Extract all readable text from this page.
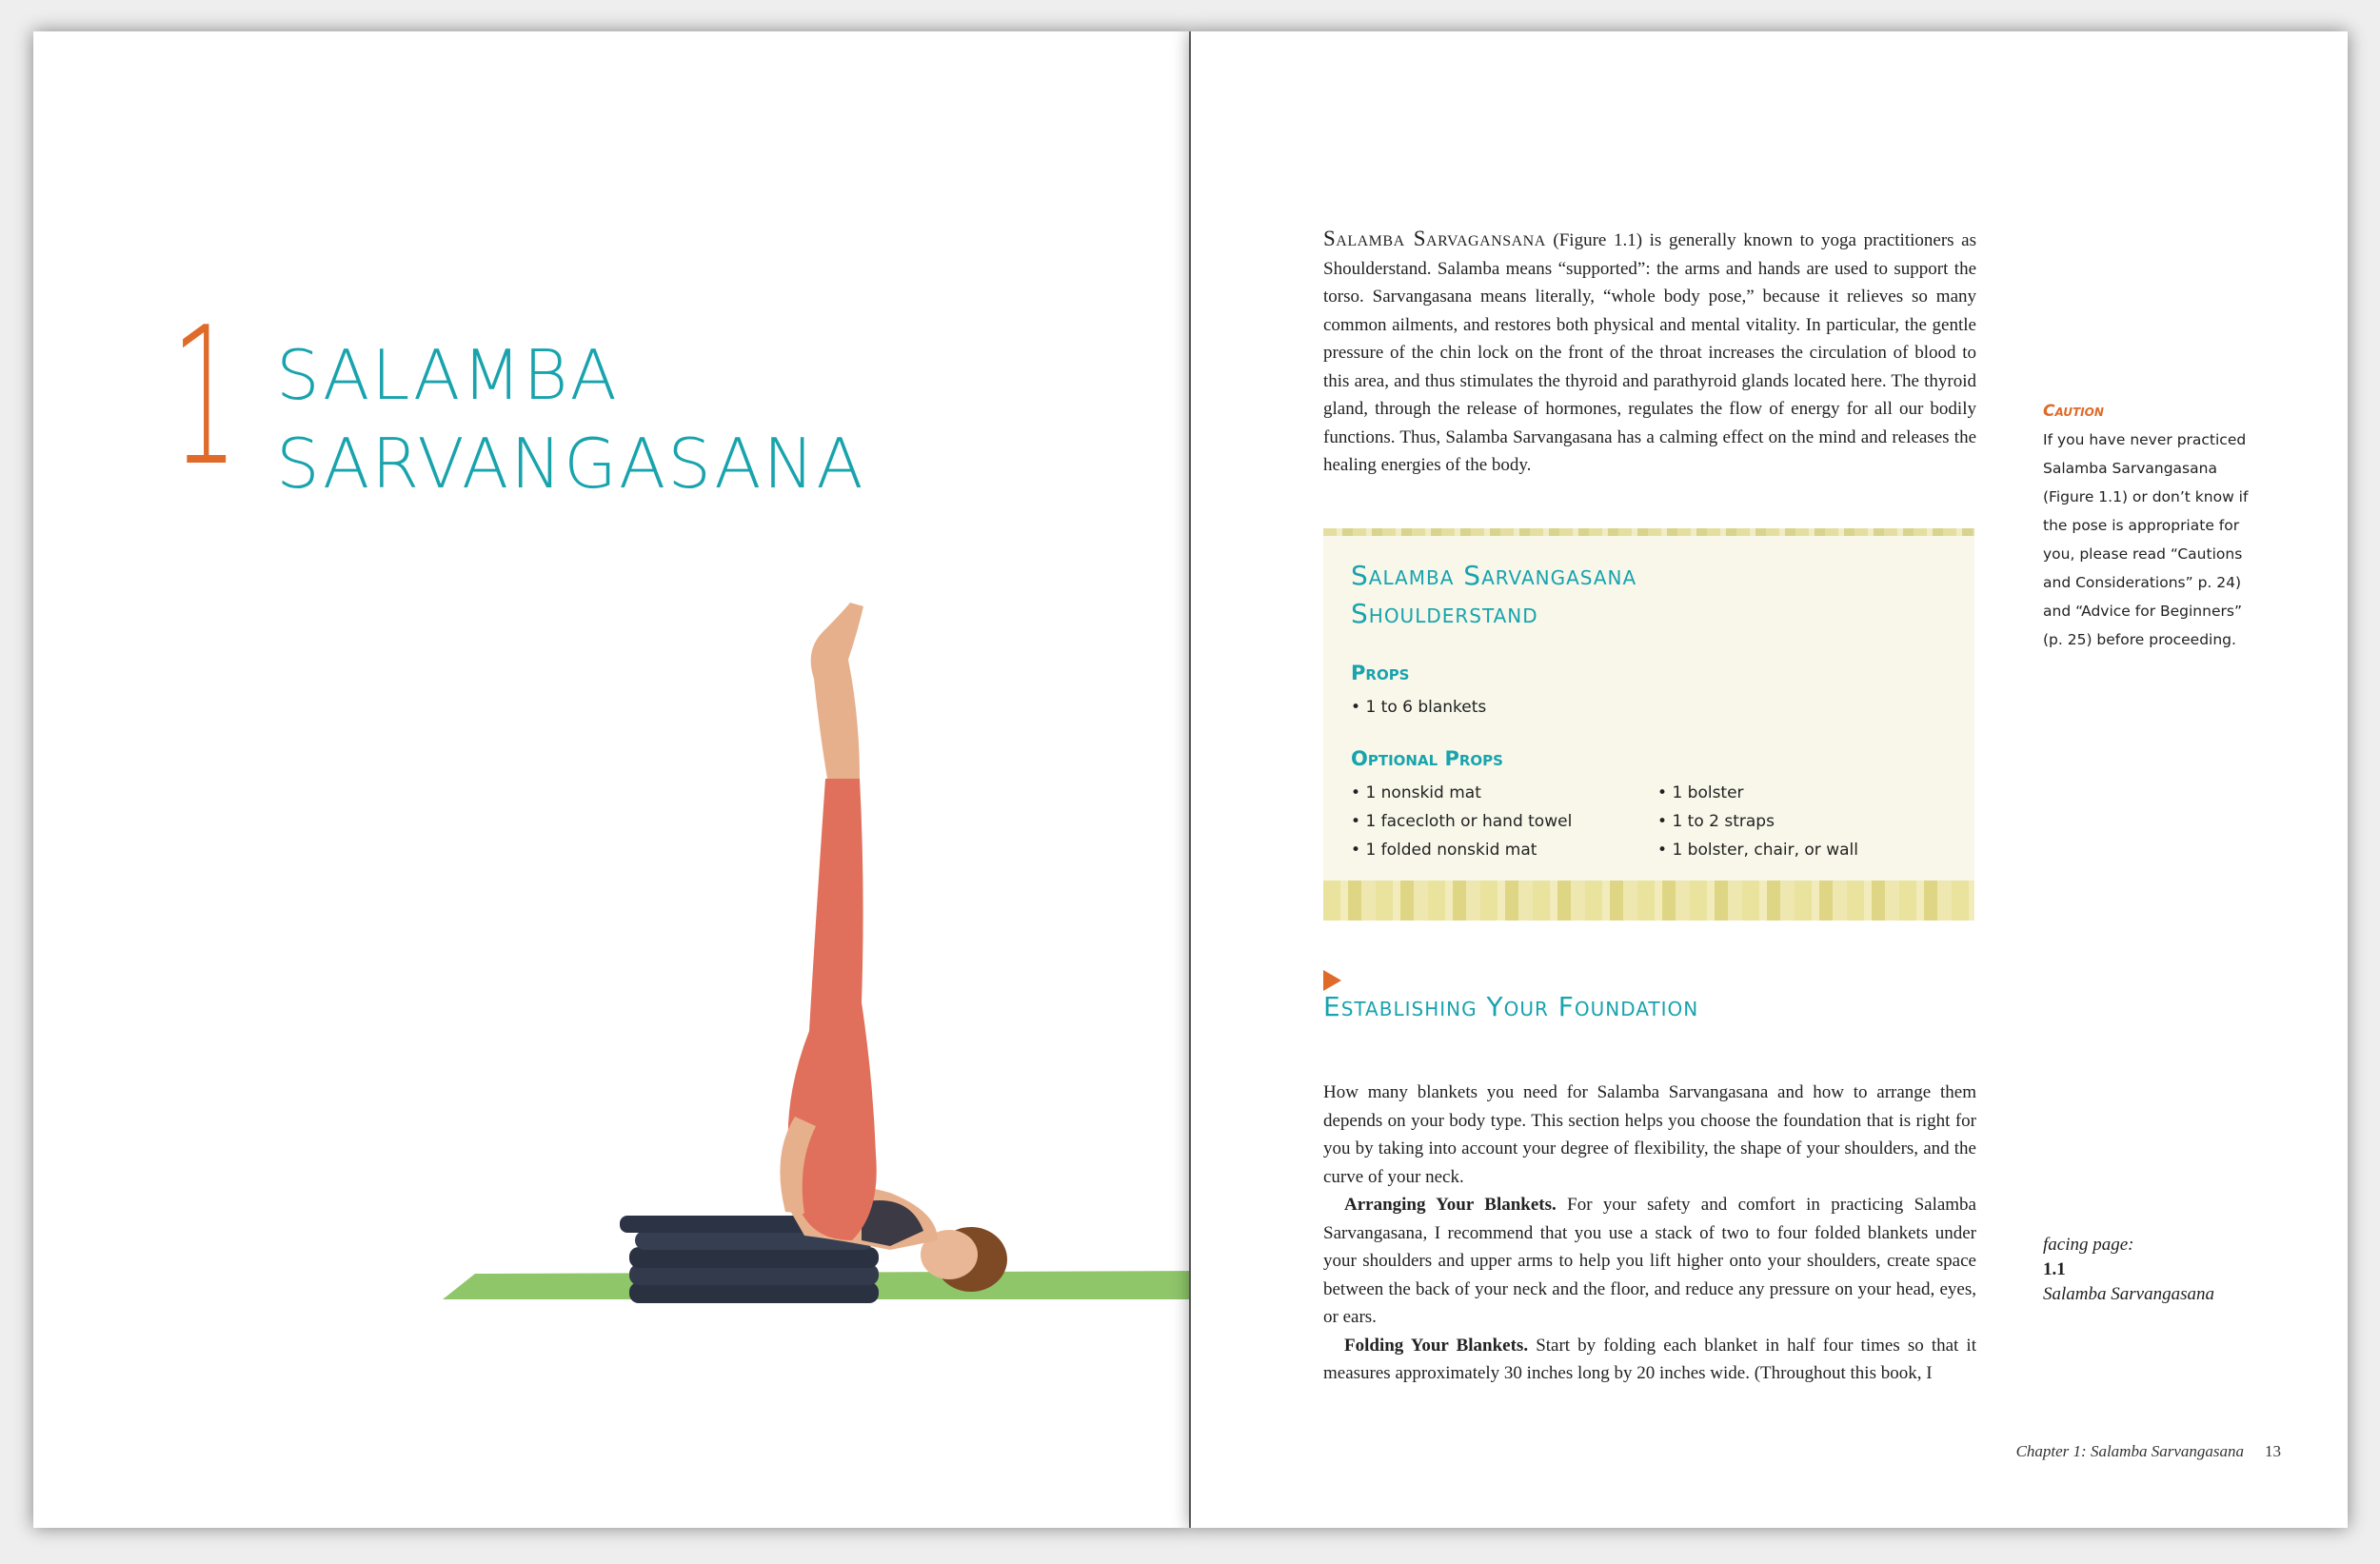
1 SALAMBA
SARVANGASANA

Salamba Sarvagansana (Figure 1.1) is generally known to yoga practitioners as Shoulderstand. Salamba means “supported”: the arms and hands are used to support the torso. Sarvangasana means literally, “whole body pose,” because it relieves so many common ailments, and restores both physical and mental vitality. In particular, the gentle pressure of the chin lock on the front of the throat increases the circulation of blood to this area, and thus stimulates the thyroid and parathyroid glands located here. The thyroid gland, through the release of hormones, regulates the flow of energy for all our bodily functions. Thus, Salamba Sarvangasana has a calming effect on the mind and releases the healing energies of the body.

Caution
If you have never practiced Salamba Sarvangasana (Figure 1.1) or don’t know if the pose is appropriate for you, please read “Cautions and Considerations” p. 24) and “Advice for Beginners” (p. 25) before proceeding.
Salamba Sarvangasana
Shoulderstand
Props
• 1 to 6 blankets
Optional Props
• 1 nonskid mat
• 1 facecloth or hand towel
• 1 folded nonskid mat
• 1 bolster
• 1 to 2 straps
• 1 bolster, chair, or wall
Establishing Your Foundation

How many blankets you need for Salamba Sarvangasana and how to arrange them depends on your body type. This section helps you choose the foundation that is right for you by taking into account your degree of flexibility, the shape of your shoulders, and the curve of your neck.

Arranging Your Blankets. For your safety and comfort in practicing Salamba Sarvangasana, I recommend that you use a stack of two to four folded blankets under your shoulders and upper arms to help you lift higher onto your shoulders, create space between the back of your neck and the floor, and reduce any pressure on your head, eyes, or ears.

Folding Your Blankets. Start by folding each blanket in half four times so that it measures approximately 30 inches long by 20 inches wide. (Throughout this book, I

facing page:
1.1
Salamba Sarvangasana
Chapter 1: Salamba Sarvangasana 13
